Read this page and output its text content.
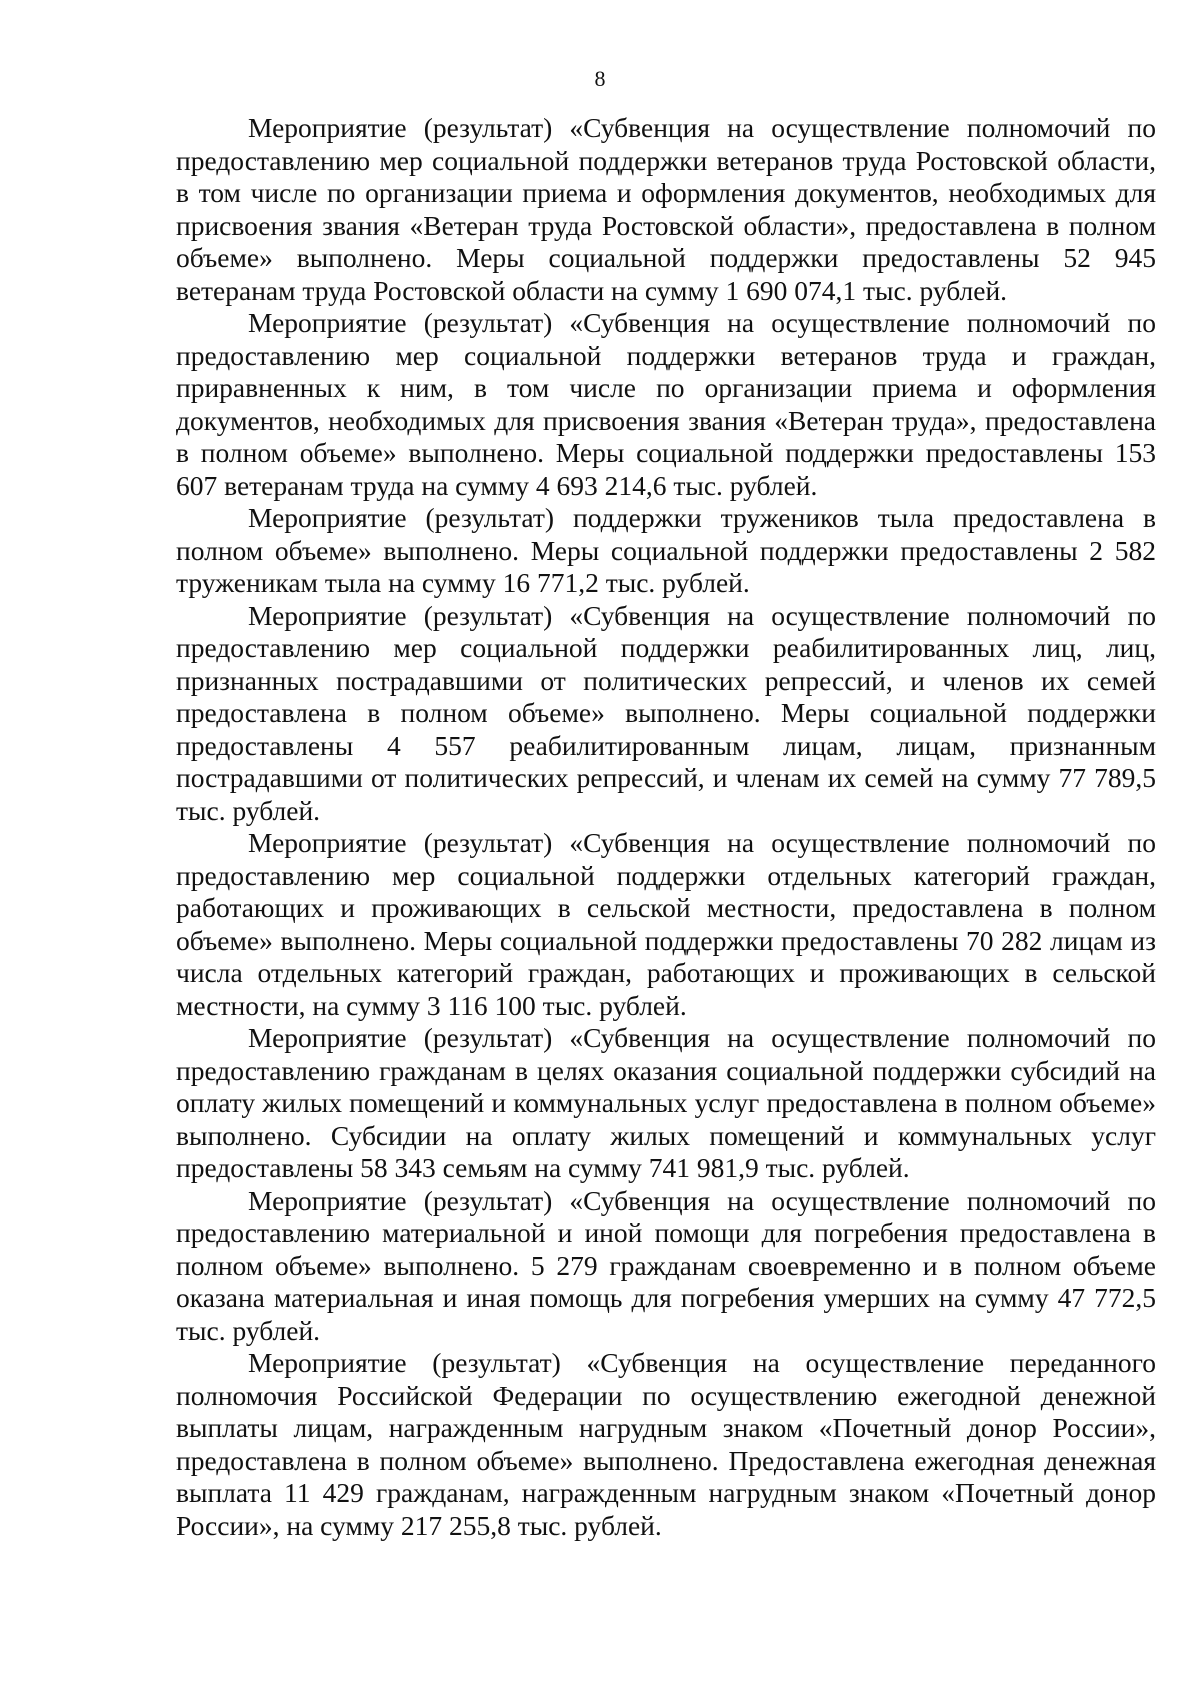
8

Мероприятие (результат) «Субвенция на осуществление полномочий по предоставлению мер социальной поддержки ветеранов труда Ростовской области, в том числе по организации приема и оформления документов, необходимых для присвоения звания «Ветеран труда Ростовской области», предоставлена в полном объеме» выполнено. Меры социальной поддержки предоставлены 52 945 ветеранам труда Ростовской области на сумму 1 690 074,1 тыс. рублей.

Мероприятие (результат) «Субвенция на осуществление полномочий по предоставлению мер социальной поддержки ветеранов труда и граждан, приравненных к ним, в том числе по организации приема и оформления документов, необходимых для присвоения звания «Ветеран труда», предоставлена в полном объеме» выполнено. Меры социальной поддержки предоставлены 153 607 ветеранам труда на сумму 4 693 214,6 тыс. рублей.

Мероприятие (результат) поддержки тружеников тыла предоставлена в полном объеме» выполнено. Меры социальной поддержки предоставлены 2 582 труженикам тыла на сумму 16 771,2 тыс. рублей.

Мероприятие (результат) «Субвенция на осуществление полномочий по предоставлению мер социальной поддержки реабилитированных лиц, лиц, признанных пострадавшими от политических репрессий, и членов их семей предоставлена в полном объеме» выполнено. Меры социальной поддержки предоставлены 4 557 реабилитированным лицам, лицам, признанным пострадавшими от политических репрессий, и членам их семей на сумму 77 789,5 тыс. рублей.

Мероприятие (результат) «Субвенция на осуществление полномочий по предоставлению мер социальной поддержки отдельных категорий граждан, работающих и проживающих в сельской местности, предоставлена в полном объеме» выполнено. Меры социальной поддержки предоставлены 70 282 лицам из числа отдельных категорий граждан, работающих и проживающих в сельской местности, на сумму 3 116 100 тыс. рублей.

Мероприятие (результат) «Субвенция на осуществление полномочий по предоставлению гражданам в целях оказания социальной поддержки субсидий на оплату жилых помещений и коммунальных услуг предоставлена в полном объеме» выполнено. Субсидии на оплату жилых помещений и коммунальных услуг предоставлены 58 343 семьям на сумму 741 981,9 тыс. рублей.

Мероприятие (результат) «Субвенция на осуществление полномочий по предоставлению материальной и иной помощи для погребения предоставлена в полном объеме» выполнено. 5 279 гражданам своевременно и в полном объеме оказана материальная и иная помощь для погребения умерших на сумму 47 772,5 тыс. рублей.

Мероприятие (результат) «Субвенция на осуществление переданного полномочия Российской Федерации по осуществлению ежегодной денежной выплаты лицам, награжденным нагрудным знаком «Почетный донор России», предоставлена в полном объеме» выполнено. Предоставлена ежегодная денежная выплата 11 429 гражданам, награжденным нагрудным знаком «Почетный донор России», на сумму 217 255,8 тыс. рублей.
